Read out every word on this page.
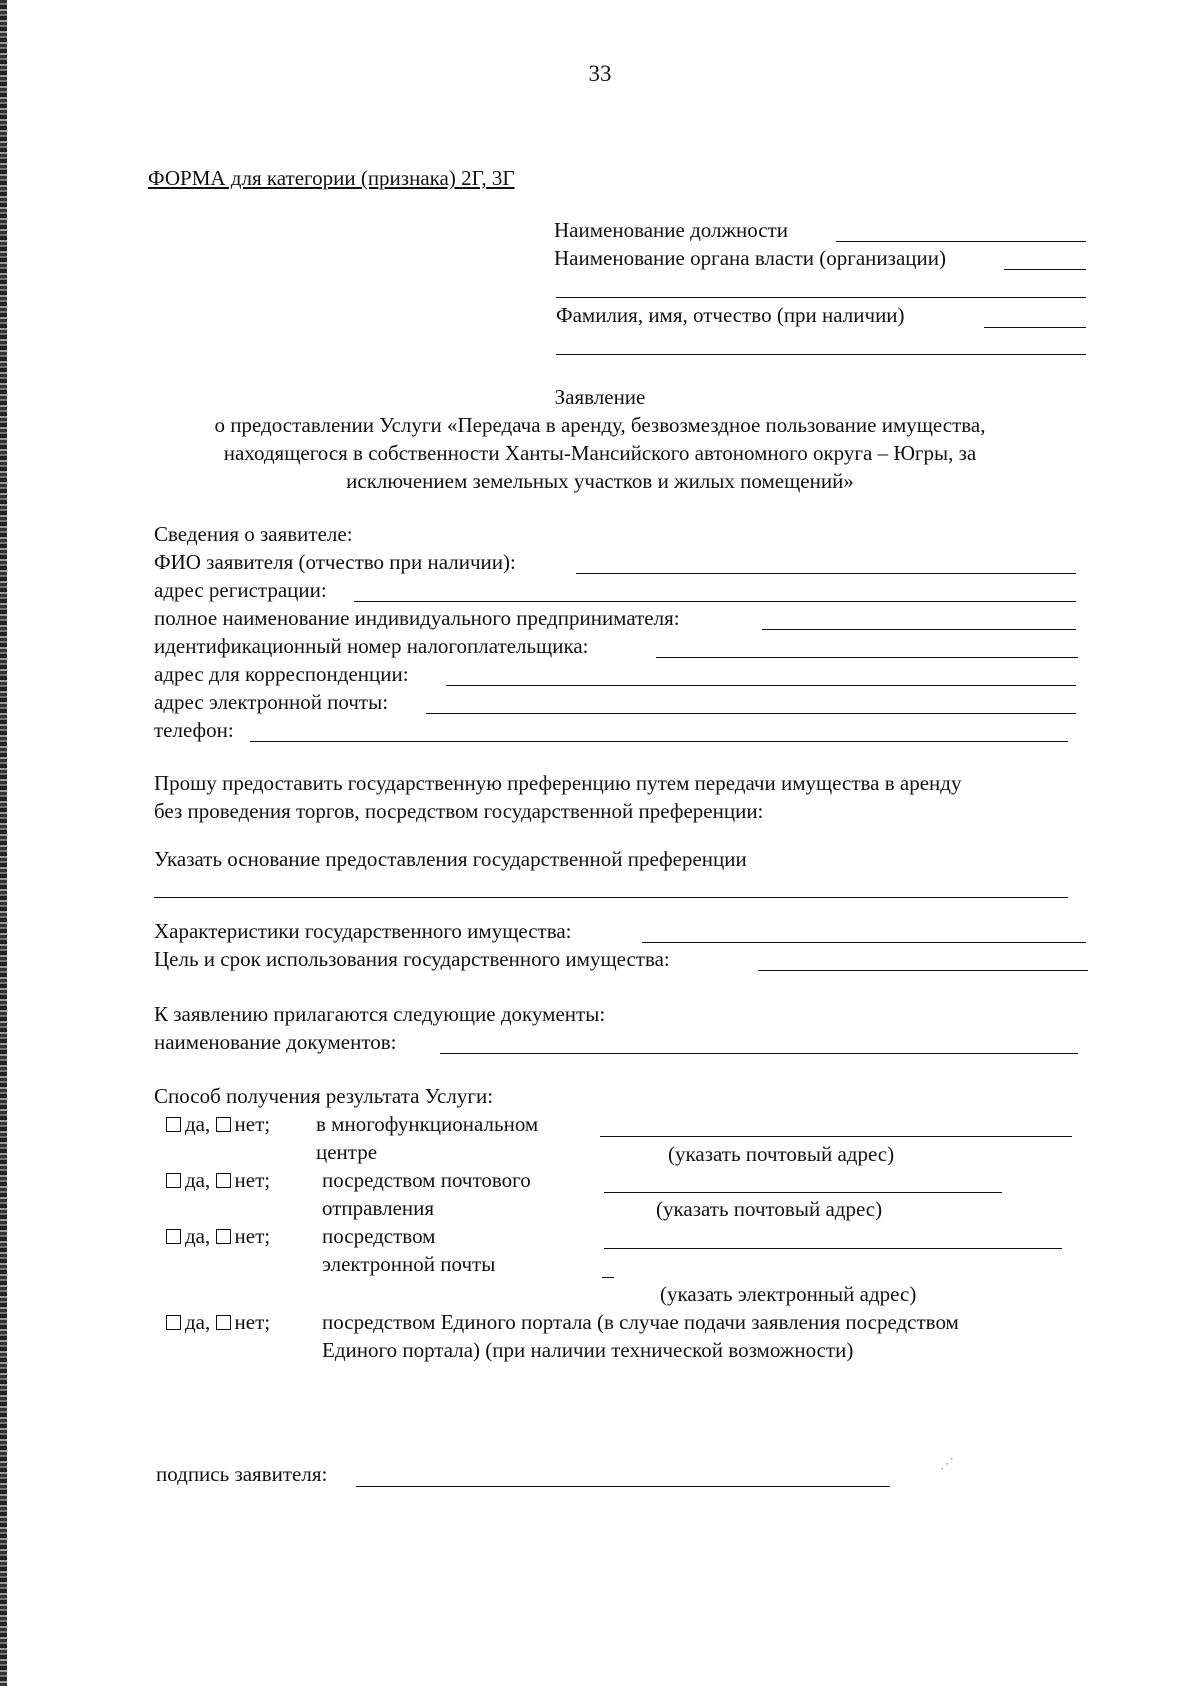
33
ФОРМА для категории (признака) 2Г, 3Г
Наименование должности
Наименование органа власти (организации)
Фамилия, имя, отчество (при наличии)
Заявление
о предоставлении Услуги «Передача в аренду, безвозмездное пользование имущества,
находящегося в собственности Ханты-Мансийского автономного округа – Югры, за
исключением земельных участков и жилых помещений»
Сведения о заявителе:
ФИО заявителя (отчество при наличии):
адрес регистрации:
полное наименование индивидуального предпринимателя:
идентификационный номер налогоплательщика:
адрес для корреспонденции:
адрес электронной почты:
телефон:
Прошу предоставить государственную преференцию путем передачи имущества в аренду
без проведения торгов, посредством государственной преференции:
Указать основание предоставления государственной преференции
Характеристики государственного имущества:
Цель и срок использования государственного имущества:
К заявлению прилагаются следующие документы:
наименование документов:
Способ получения результата Услуги:
да, нет; в многофункциональном
центре	(указать почтовый адрес)
да, нет; посредством почтового
отправления	(указать почтовый адрес)
да, нет; посредством
электронной почты
(указать электронный адрес)
да, нет; посредством Единого портала (в случае подачи заявления посредством
Единого портала) (при наличии технической возможности)
подпись заявителя:	⋰
